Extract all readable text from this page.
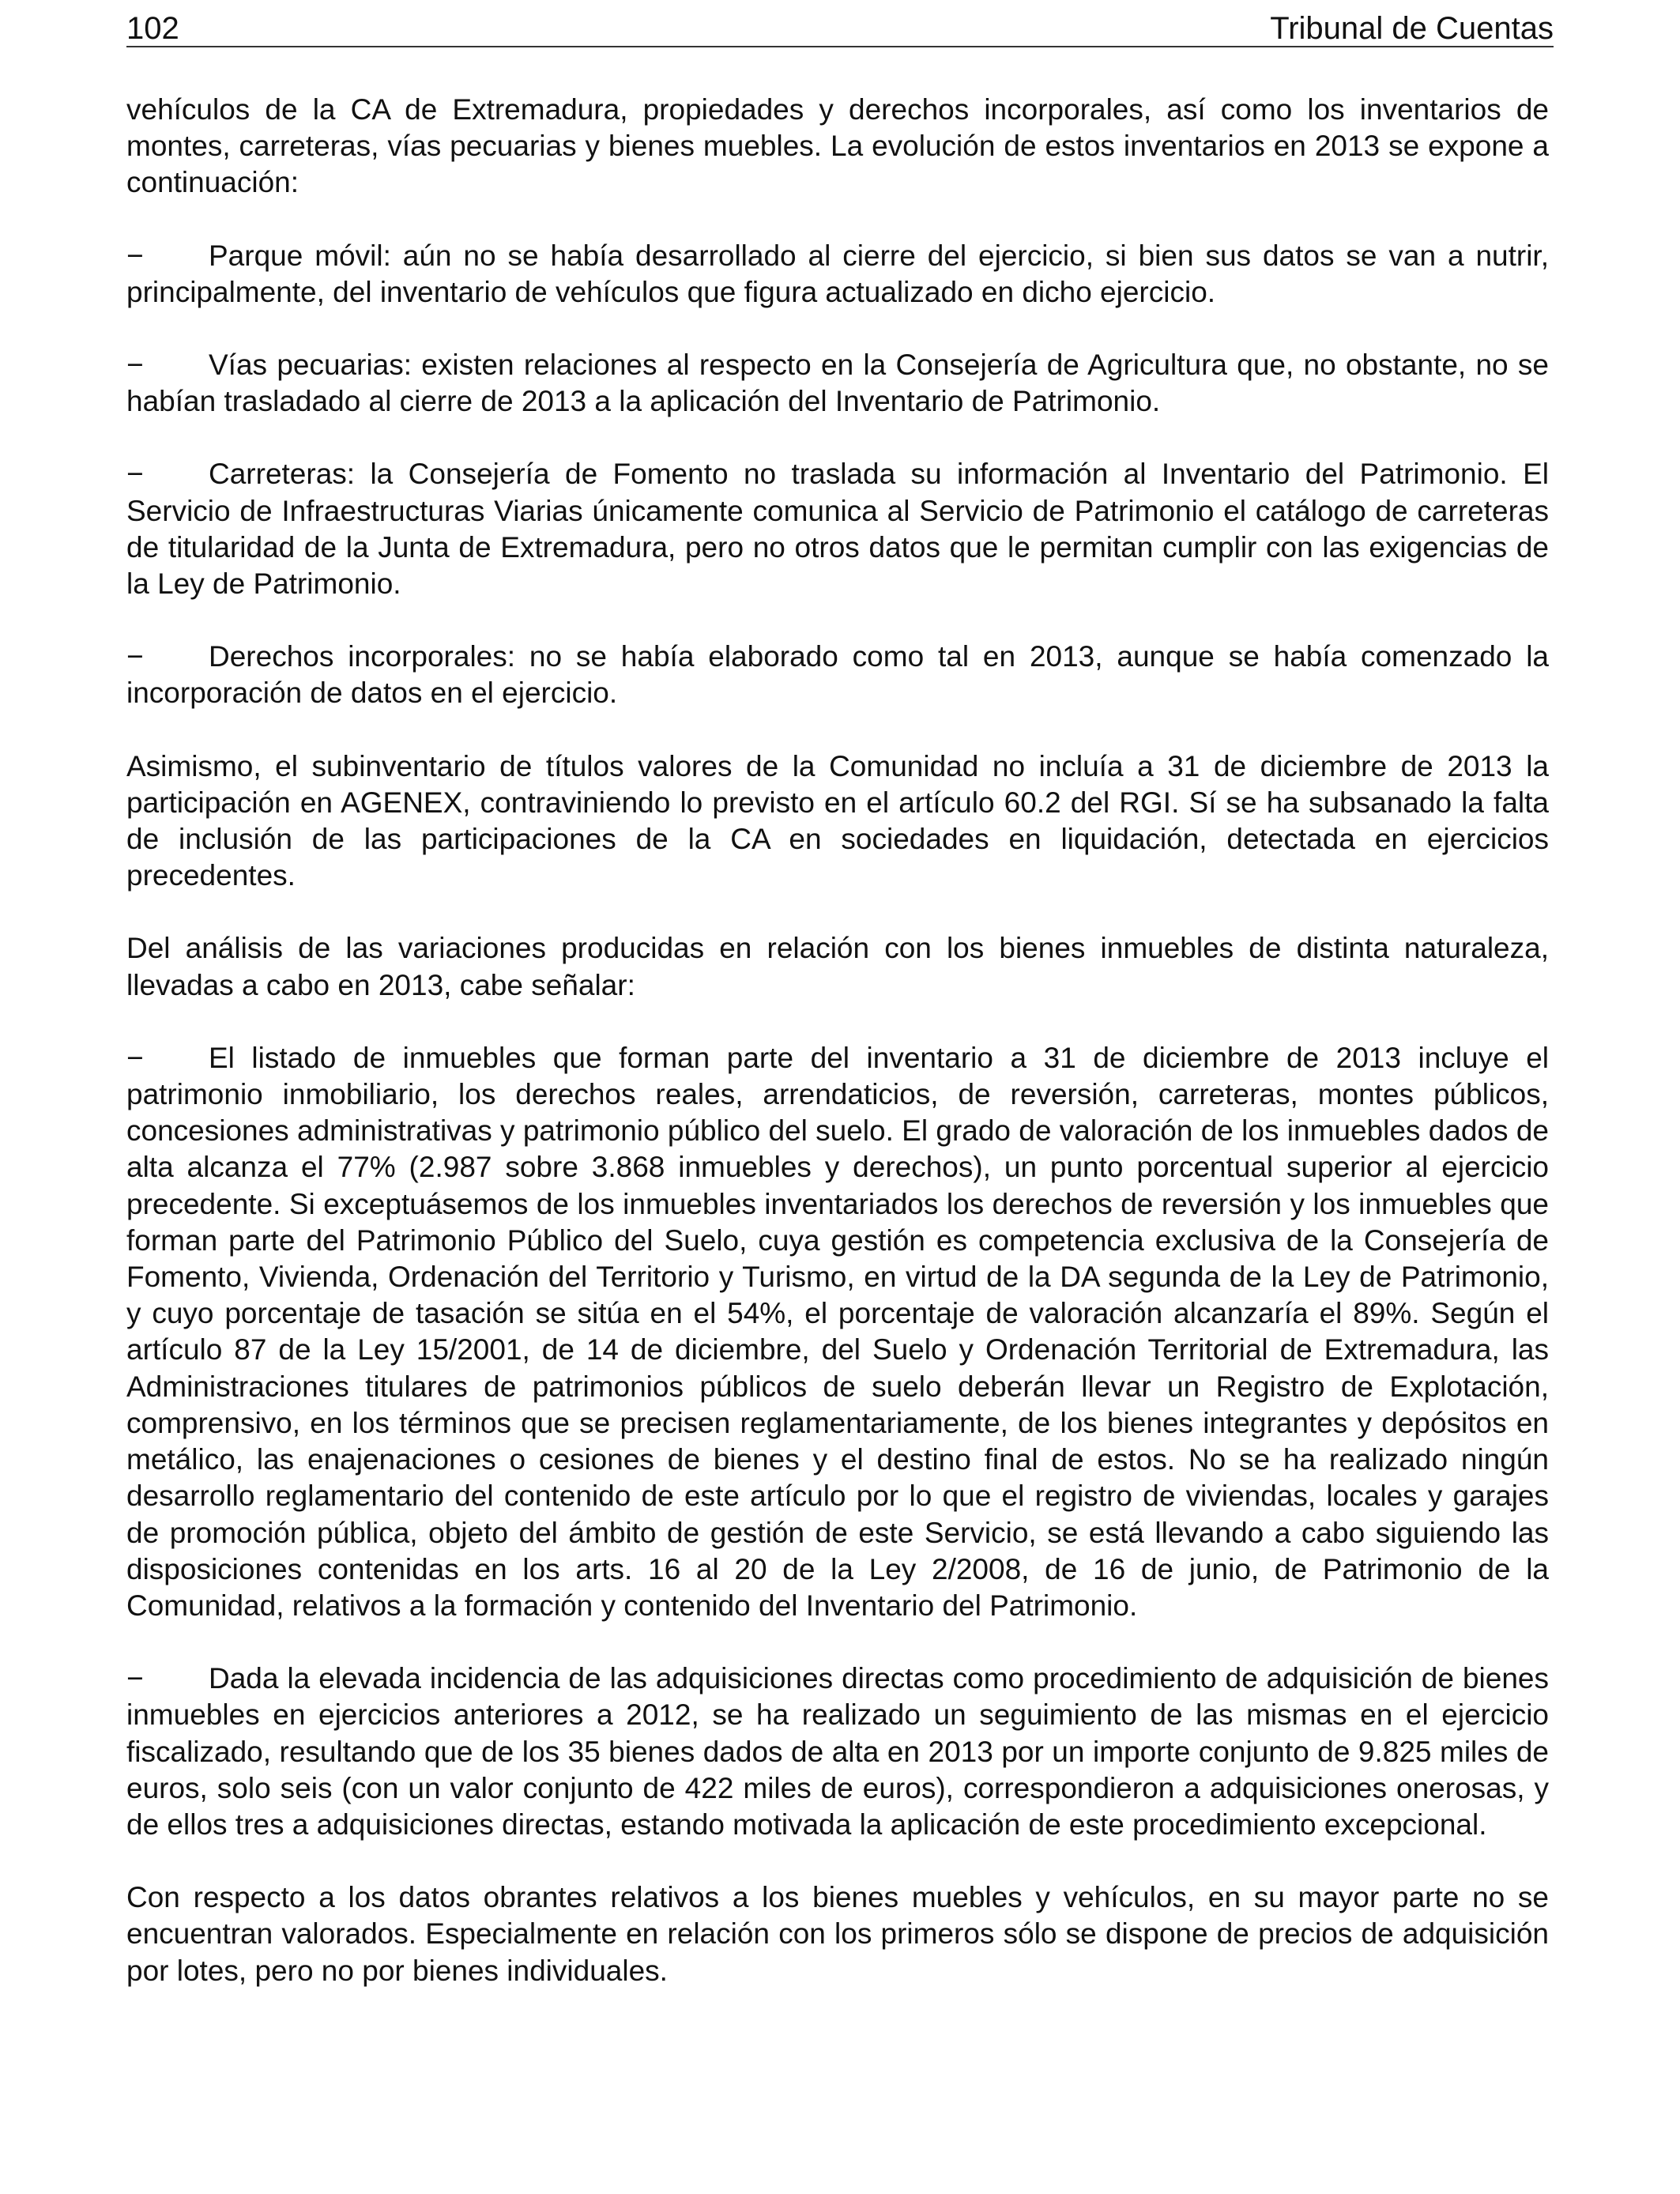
102	Tribunal de Cuentas

vehículos de la CA de Extremadura, propiedades y derechos incorporales, así como los inventarios de montes, carreteras, vías pecuarias y bienes muebles. La evolución de estos inventarios en 2013 se expone a continuación:

− Parque móvil: aún no se había desarrollado al cierre del ejercicio, si bien sus datos se van a nutrir, principalmente, del inventario de vehículos que figura actualizado en dicho ejercicio.

− Vías pecuarias: existen relaciones al respecto en la Consejería de Agricultura que, no obstante, no se habían trasladado al cierre de 2013 a la aplicación del Inventario de Patrimonio.

− Carreteras: la Consejería de Fomento no traslada su información al Inventario del Patrimonio. El Servicio de Infraestructuras Viarias únicamente comunica al Servicio de Patrimonio el catálogo de carreteras de titularidad de la Junta de Extremadura, pero no otros datos que le permitan cumplir con las exigencias de la Ley de Patrimonio.

− Derechos incorporales: no se había elaborado como tal en 2013, aunque se había comenzado la incorporación de datos en el ejercicio.

Asimismo, el subinventario de títulos valores de la Comunidad no incluía a 31 de diciembre de 2013 la participación en AGENEX, contraviniendo lo previsto en el artículo 60.2 del RGI. Sí se ha subsanado la falta de inclusión de las participaciones de la CA en sociedades en liquidación, detectada en ejercicios precedentes.

Del análisis de las variaciones producidas en relación con los bienes inmuebles de distinta naturaleza, llevadas a cabo en 2013, cabe señalar:

− El listado de inmuebles que forman parte del inventario a 31 de diciembre de 2013 incluye el patrimonio inmobiliario, los derechos reales, arrendaticios, de reversión, carreteras, montes públicos, concesiones administrativas y patrimonio público del suelo. El grado de valoración de los inmuebles dados de alta alcanza el 77% (2.987 sobre 3.868 inmuebles y derechos), un punto porcentual superior al ejercicio precedente. Si exceptuásemos de los inmuebles inventariados los derechos de reversión y los inmuebles que forman parte del Patrimonio Público del Suelo, cuya gestión es competencia exclusiva de la Consejería de Fomento, Vivienda, Ordenación del Territorio y Turismo, en virtud de la DA segunda de la Ley de Patrimonio, y cuyo porcentaje de tasación se sitúa en el 54%, el porcentaje de valoración alcanzaría el 89%. Según el artículo 87 de la Ley 15/2001, de 14 de diciembre, del Suelo y Ordenación Territorial de Extremadura, las Administraciones titulares de patrimonios públicos de suelo deberán llevar un Registro de Explotación, comprensivo, en los términos que se precisen reglamentariamente, de los bienes integrantes y depósitos en metálico, las enajenaciones o cesiones de bienes y el destino final de estos. No se ha realizado ningún desarrollo reglamentario del contenido de este artículo por lo que el registro de viviendas, locales y garajes de promoción pública, objeto del ámbito de gestión de este Servicio, se está llevando a cabo siguiendo las disposiciones contenidas en los arts. 16 al 20 de la Ley 2/2008, de 16 de junio, de Patrimonio de la Comunidad, relativos a la formación y contenido del Inventario del Patrimonio.

− Dada la elevada incidencia de las adquisiciones directas como procedimiento de adquisición de bienes inmuebles en ejercicios anteriores a 2012, se ha realizado un seguimiento de las mismas en el ejercicio fiscalizado, resultando que de los 35 bienes dados de alta en 2013 por un importe conjunto de 9.825 miles de euros, solo seis (con un valor conjunto de 422 miles de euros), correspondieron a adquisiciones onerosas, y de ellos tres a adquisiciones directas, estando motivada la aplicación de este procedimiento excepcional.

Con respecto a los datos obrantes relativos a los bienes muebles y vehículos, en su mayor parte no se encuentran valorados. Especialmente en relación con los primeros sólo se dispone de precios de adquisición por lotes, pero no por bienes individuales.
